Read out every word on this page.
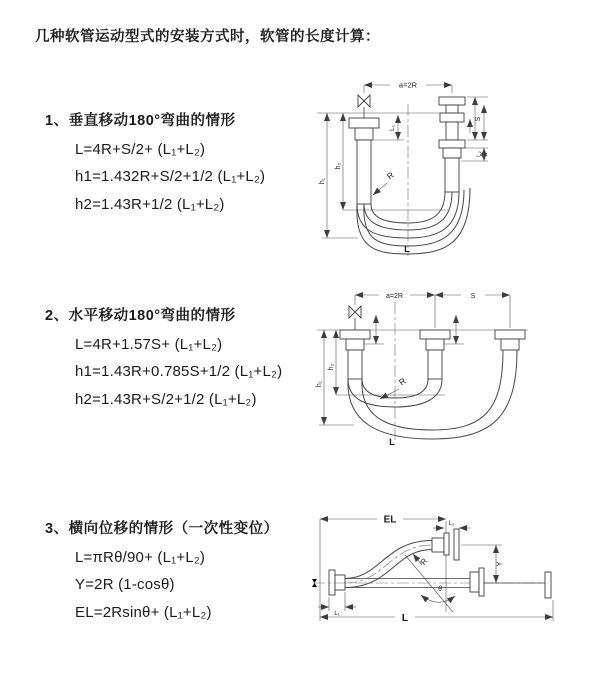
几种软管运动型式的安装方式时，软管的长度计算：
1、垂直移动180°弯曲的情形
L=4R+S/2+ (L₁+L₂)
h1=1.432R+S/2+1/2 (L₁+L₂)
h2=1.43R+1/2 (L₁+L₂)
2、水平移动180°弯曲的情形
L=4R+1.57S+ (L₁+L₂)
h1=1.43R+0.785S+1/2 (L₁+L₂)
h2=1.43R+S/2+1/2 (L₁+L₂)
3、横向位移的情形（一次性变位）
L=πRθ/90+ (L₁+L₂)
Y=2R (1-cosθ)
EL=2Rsinθ+ (L₁+L₂)
a=2R
L₁
S
L₂
h₂
h₁	R
L
a=2R	S
h₂
h₁	R
L
EL	L₂
Y
θ
R
L₁	L
